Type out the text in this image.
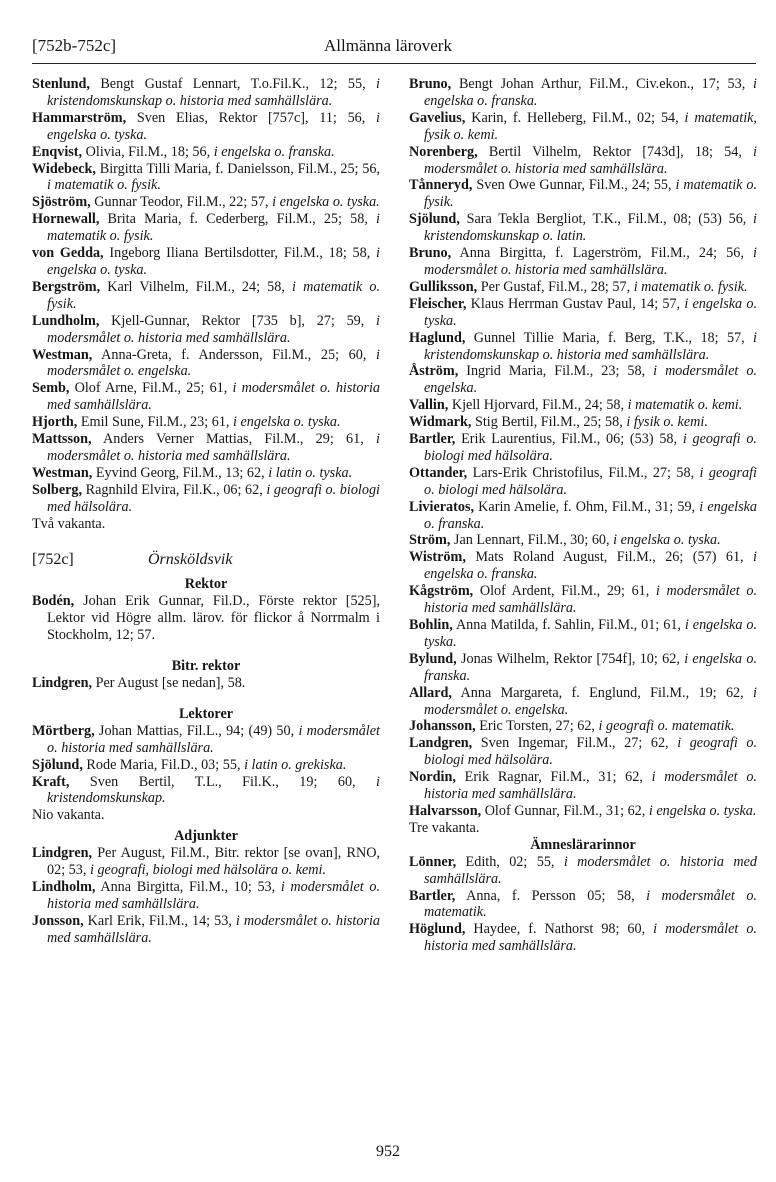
[752b-752c]	Allmänna läroverk
Stenlund, Bengt Gustaf Lennart, T.o.Fil.K., 12; 55, i kristendomskunskap o. historia med samhällslära.
Hammarström, Sven Elias, Rektor [757c], 11; 56, i engelska o. tyska.
Enqvist, Olivia, Fil.M., 18; 56, i engelska o. franska.
Widebeck, Birgitta Tilli Maria, f. Danielsson, Fil.M., 25; 56, i matematik o. fysik.
Sjöström, Gunnar Teodor, Fil.M., 22; 57, i engelska o. tyska.
Hornewall, Brita Maria, f. Cederberg, Fil.M., 25; 58, i matematik o. fysik.
von Gedda, Ingeborg Iliana Bertilsdotter, Fil.M., 18; 58, i engelska o. tyska.
Bergström, Karl Vilhelm, Fil.M., 24; 58, i matematik o. fysik.
Lundholm, Kjell-Gunnar, Rektor [735 b], 27; 59, i modersmålet o. historia med samhällslära.
Westman, Anna-Greta, f. Andersson, Fil.M., 25; 60, i modersmålet o. engelska.
Semb, Olof Arne, Fil.M., 25; 61, i modersmålet o. historia med samhällslära.
Hjorth, Emil Sune, Fil.M., 23; 61, i engelska o. tyska.
Mattsson, Anders Verner Mattias, Fil.M., 29; 61, i modersmålet o. historia med samhällslära.
Westman, Eyvind Georg, Fil.M., 13; 62, i latin o. tyska.
Solberg, Ragnhild Elvira, Fil.K., 06; 62, i geografi o. biologi med hälsolära.
Två vakanta.
[752c]	Örnsköldsvik
Rektor
Bodén, Johan Erik Gunnar, Fil.D., Förste rektor [525], Lektor vid Högre allm. lärov. för flickor å Norrmalm i Stockholm, 12; 57.
Bitr. rektor
Lindgren, Per August [se nedan], 58.
Lektorer
Mörtberg, Johan Mattias, Fil.L., 94; (49) 50, i modersmålet o. historia med samhällslära.
Sjölund, Rode Maria, Fil.D., 03; 55, i latin o. grekiska.
Kraft, Sven Bertil, T.L., Fil.K., 19; 60, i kristendomskunskap.
Nio vakanta.
Adjunkter
Lindgren, Per August, Fil.M., Bitr. rektor [se ovan], RNO, 02; 53, i geografi, biologi med hälsolära o. kemi.
Lindholm, Anna Birgitta, Fil.M., 10; 53, i modersmålet o. historia med samhällslära.
Jonsson, Karl Erik, Fil.M., 14; 53, i modersmålet o. historia med samhällslära.
Bruno, Bengt Johan Arthur, Fil.M., Civ.ekon., 17; 53, i engelska o. franska.
Gavelius, Karin, f. Helleberg, Fil.M., 02; 54, i matematik, fysik o. kemi.
Norenberg, Bertil Vilhelm, Rektor [743d], 18; 54, i modersmålet o. historia med samhällslära.
Tånneryd, Sven Owe Gunnar, Fil.M., 24; 55, i matematik o. fysik.
Sjölund, Sara Tekla Bergliot, T.K., Fil.M., 08; (53) 56, i kristendomskunskap o. latin.
Bruno, Anna Birgitta, f. Lagerström, Fil.M., 24; 56, i modersmålet o. historia med samhällslära.
Gulliksson, Per Gustaf, Fil.M., 28; 57, i matematik o. fysik.
Fleischer, Klaus Herrman Gustav Paul, 14; 57, i engelska o. tyska.
Haglund, Gunnel Tillie Maria, f. Berg, T.K., 18; 57, i kristendomskunskap o. historia med samhällslära.
Åström, Ingrid Maria, Fil.M., 23; 58, i modersmålet o. engelska.
Vallin, Kjell Hjorvard, Fil.M., 24; 58, i matematik o. kemi.
Widmark, Stig Bertil, Fil.M., 25; 58, i fysik o. kemi.
Bartler, Erik Laurentius, Fil.M., 06; (53) 58, i geografi o. biologi med hälsolära.
Ottander, Lars-Erik Christofilus, Fil.M., 27; 58, i geografi o. biologi med hälsolära.
Livieratos, Karin Amelie, f. Ohm, Fil.M., 31; 59, i engelska o. franska.
Ström, Jan Lennart, Fil.M., 30; 60, i engelska o. tyska.
Wiström, Mats Roland August, Fil.M., 26; (57) 61, i engelska o. franska.
Kågström, Olof Ardent, Fil.M., 29; 61, i modersmålet o. historia med samhällslära.
Bohlin, Anna Matilda, f. Sahlin, Fil.M., 01; 61, i engelska o. tyska.
Bylund, Jonas Wilhelm, Rektor [754f], 10; 62, i engelska o. franska.
Allard, Anna Margareta, f. Englund, Fil.M., 19; 62, i modersmålet o. engelska.
Johansson, Eric Torsten, 27; 62, i geografi o. matematik.
Landgren, Sven Ingemar, Fil.M., 27; 62, i geografi o. biologi med hälsolära.
Nordin, Erik Ragnar, Fil.M., 31; 62, i modersmålet o. historia med samhällslära.
Halvarsson, Olof Gunnar, Fil.M., 31; 62, i engelska o. tyska.
Tre vakanta.
Ämneslärarinnor
Lönner, Edith, 02; 55, i modersmålet o. historia med samhällslära.
Bartler, Anna, f. Persson 05; 58, i modersmålet o. matematik.
Höglund, Haydee, f. Nathorst 98; 60, i modersmålet o. historia med samhällslära.
952
